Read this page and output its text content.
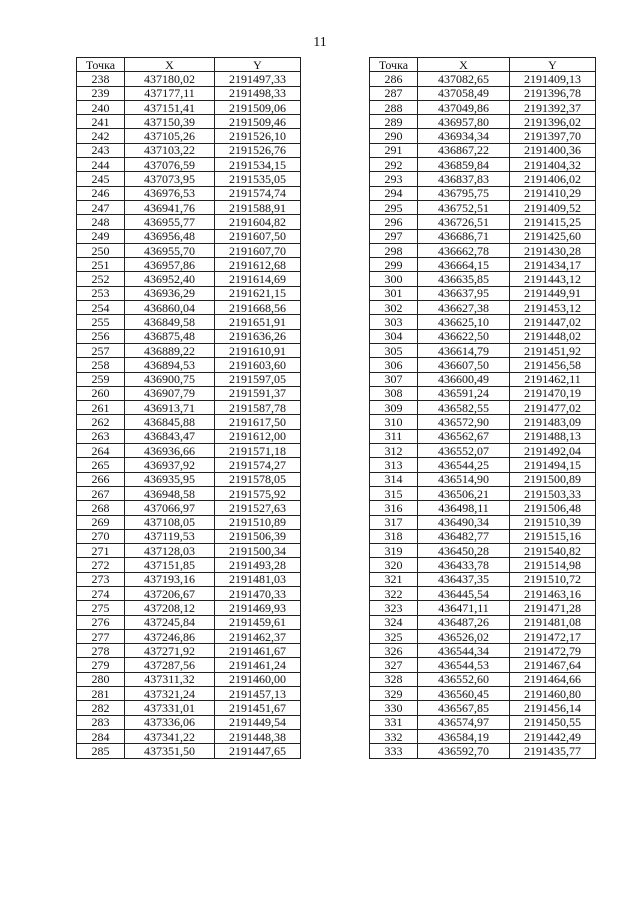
11
Точка	X	Y
238	437180,02	2191497,33
239	437177,11	2191498,33
240	437151,41	2191509,06
241	437150,39	2191509,46
242	437105,26	2191526,10
243	437103,22	2191526,76
244	437076,59	2191534,15
245	437073,95	2191535,05
246	436976,53	2191574,74
247	436941,76	2191588,91
248	436955,77	2191604,82
249	436956,48	2191607,50
250	436955,70	2191607,70
251	436957,86	2191612,68
252	436952,40	2191614,69
253	436936,29	2191621,15
254	436860,04	2191668,56
255	436849,58	2191651,91
256	436875,48	2191636,26
257	436889,22	2191610,91
258	436894,53	2191603,60
259	436900,75	2191597,05
260	436907,79	2191591,37
261	436913,71	2191587,78
262	436845,88	2191617,50
263	436843,47	2191612,00
264	436936,66	2191571,18
265	436937,92	2191574,27
266	436935,95	2191578,05
267	436948,58	2191575,92
268	437066,97	2191527,63
269	437108,05	2191510,89
270	437119,53	2191506,39
271	437128,03	2191500,34
272	437151,85	2191493,28
273	437193,16	2191481,03
274	437206,67	2191470,33
275	437208,12	2191469,93
276	437245,84	2191459,61
277	437246,86	2191462,37
278	437271,92	2191461,67
279	437287,56	2191461,24
280	437311,32	2191460,00
281	437321,24	2191457,13
282	437331,01	2191451,67
283	437336,06	2191449,54
284	437341,22	2191448,38
285	437351,50	2191447,65
Точка	X	Y
286	437082,65	2191409,13
287	437058,49	2191396,78
288	437049,86	2191392,37
289	436957,80	2191396,02
290	436934,34	2191397,70
291	436867,22	2191400,36
292	436859,84	2191404,32
293	436837,83	2191406,02
294	436795,75	2191410,29
295	436752,51	2191409,52
296	436726,51	2191415,25
297	436686,71	2191425,60
298	436662,78	2191430,28
299	436664,15	2191434,17
300	436635,85	2191443,12
301	436637,95	2191449,91
302	436627,38	2191453,12
303	436625,10	2191447,02
304	436622,50	2191448,02
305	436614,79	2191451,92
306	436607,50	2191456,58
307	436600,49	2191462,11
308	436591,24	2191470,19
309	436582,55	2191477,02
310	436572,90	2191483,09
311	436562,67	2191488,13
312	436552,07	2191492,04
313	436544,25	2191494,15
314	436514,90	2191500,89
315	436506,21	2191503,33
316	436498,11	2191506,48
317	436490,34	2191510,39
318	436482,77	2191515,16
319	436450,28	2191540,82
320	436433,78	2191514,98
321	436437,35	2191510,72
322	436445,54	2191463,16
323	436471,11	2191471,28
324	436487,26	2191481,08
325	436526,02	2191472,17
326	436544,34	2191472,79
327	436544,53	2191467,64
328	436552,60	2191464,66
329	436560,45	2191460,80
330	436567,85	2191456,14
331	436574,97	2191450,55
332	436584,19	2191442,49
333	436592,70	2191435,77
